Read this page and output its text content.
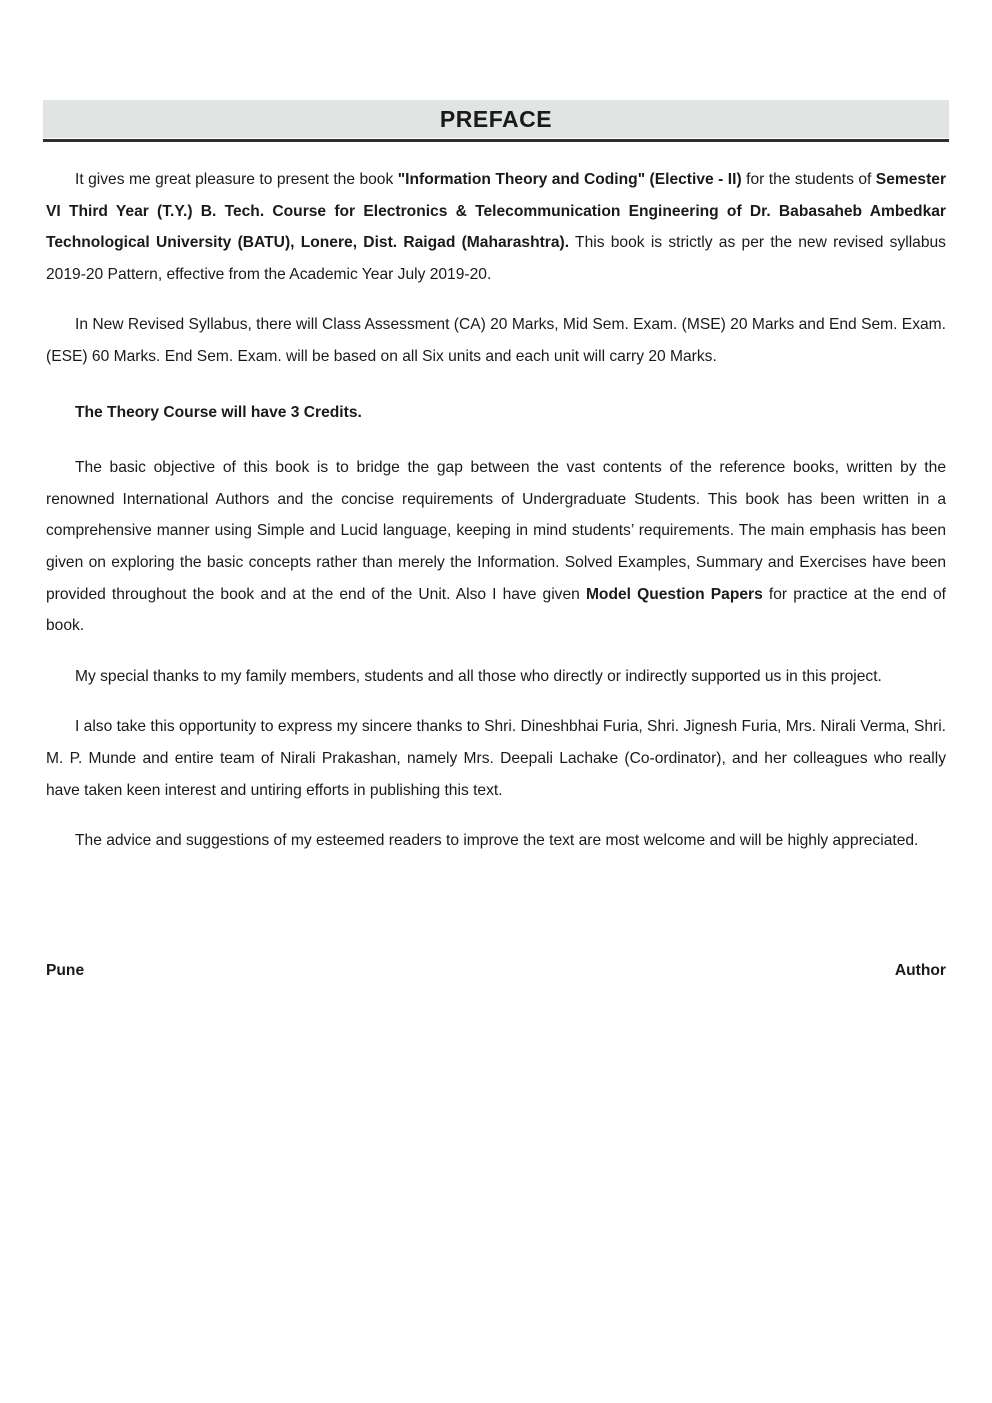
PREFACE

It gives me great pleasure to present the book "Information Theory and Coding" (Elective - II) for the students of Semester VI Third Year (T.Y.) B. Tech. Course for Electronics & Telecommunication Engineering of Dr. Babasaheb Ambedkar Technological University (BATU), Lonere, Dist. Raigad (Maharashtra). This book is strictly as per the new revised syllabus 2019-20 Pattern, effective from the Academic Year July 2019-20.

In New Revised Syllabus, there will Class Assessment (CA) 20 Marks, Mid Sem. Exam. (MSE) 20 Marks and End Sem. Exam. (ESE) 60 Marks. End Sem. Exam. will be based on all Six units and each unit will carry 20 Marks.

The Theory Course will have 3 Credits.

The basic objective of this book is to bridge the gap between the vast contents of the reference books, written by the renowned International Authors and the concise requirements of Undergraduate Students. This book has been written in a comprehensive manner using Simple and Lucid language, keeping in mind students’ requirements. The main emphasis has been given on exploring the basic concepts rather than merely the Information. Solved Examples, Summary and Exercises have been provided throughout the book and at the end of the Unit. Also I have given Model Question Papers for practice at the end of book.

My special thanks to my family members, students and all those who directly or indirectly supported us in this project.

I also take this opportunity to express my sincere thanks to Shri. Dineshbhai Furia, Shri. Jignesh Furia, Mrs. Nirali Verma, Shri. M. P. Munde and entire team of Nirali Prakashan, namely Mrs. Deepali Lachake (Co-ordinator), and her colleagues who really have taken keen interest and untiring efforts in publishing this text.

The advice and suggestions of my esteemed readers to improve the text are most welcome and will be highly appreciated.

Pune	Author
